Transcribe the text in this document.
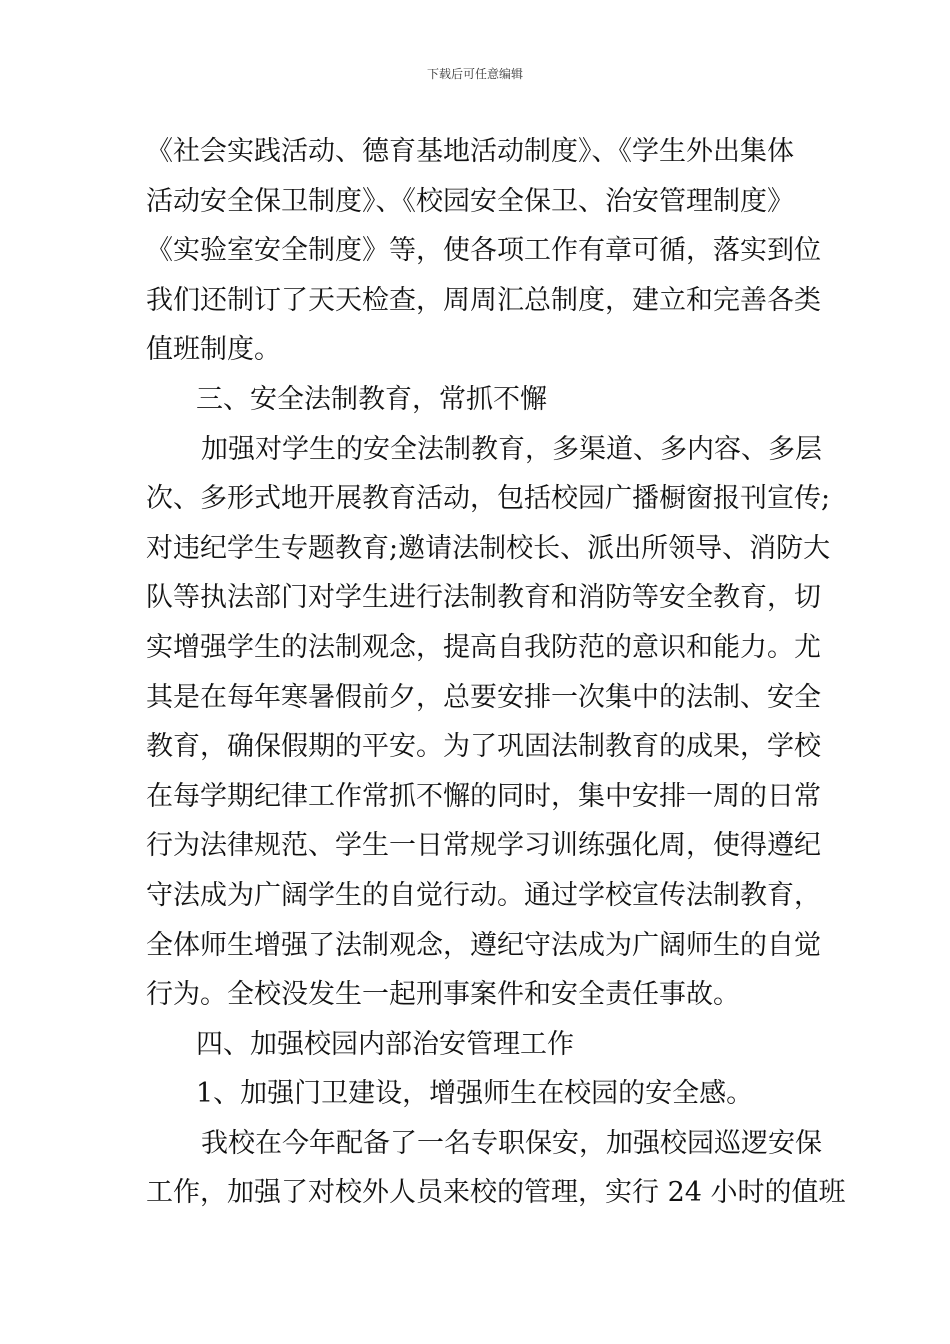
下载后可任意编辑
《社会实践活动、德育基地活动制度》、《学生外出集体
活动安全保卫制度》、《校园安全保卫、治安管理制度》
《实验室安全制度》等，使各项工作有章可循，落实到位
我们还制订了天天检查，周周汇总制度，建立和完善各类
值班制度。
三、安全法制教育，常抓不懈
加强对学生的安全法制教育，多渠道、多内容、多层
次、多形式地开展教育活动，包括校园广播橱窗报刊宣传;
对违纪学生专题教育;邀请法制校长、派出所领导、消防大
队等执法部门对学生进行法制教育和消防等安全教育，切
实增强学生的法制观念，提高自我防范的意识和能力。尤
其是在每年寒暑假前夕，总要安排一次集中的法制、安全
教育，确保假期的平安。为了巩固法制教育的成果，学校
在每学期纪律工作常抓不懈的同时，集中安排一周的日常
行为法律规范、学生一日常规学习训练强化周，使得遵纪
守法成为广阔学生的自觉行动。通过学校宣传法制教育，
全体师生增强了法制观念，遵纪守法成为广阔师生的自觉
行为。全校没发生一起刑事案件和安全责任事故。
四、加强校园内部治安管理工作
1、加强门卫建设，增强师生在校园的安全感。
我校在今年配备了一名专职保安，加强校园巡逻安保
工作，加强了对校外人员来校的管理，实行 24 小时的值班
